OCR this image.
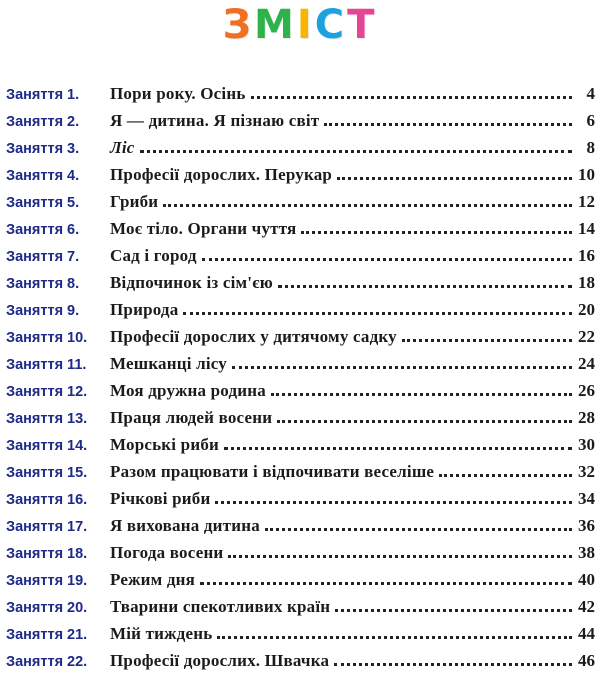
ЗМІСТ
Заняття 1.	Пори року. Осінь	4
Заняття 2.	Я — дитина. Я пізнаю світ	6
Заняття 3.	Ліс	8
Заняття 4.	Професії дорослих. Перукар	10
Заняття 5.	Гриби	12
Заняття 6.	Моє тіло. Органи чуття	14
Заняття 7.	Сад і город	16
Заняття 8.	Відпочинок із сім'єю	18
Заняття 9.	Природа	20
Заняття 10.	Професії дорослих у дитячому садку	22
Заняття 11.	Мешканці лісу	24
Заняття 12.	Моя дружна родина	26
Заняття 13.	Праця людей восени	28
Заняття 14.	Морські риби	30
Заняття 15.	Разом працювати і відпочивати веселіше	32
Заняття 16.	Річкові риби	34
Заняття 17.	Я вихована дитина	36
Заняття 18.	Погода восени	38
Заняття 19.	Режим дня	40
Заняття 20.	Тварини спекотливих країн	42
Заняття 21.	Мій тиждень	44
Заняття 22.	Професії дорослих. Швачка	46
